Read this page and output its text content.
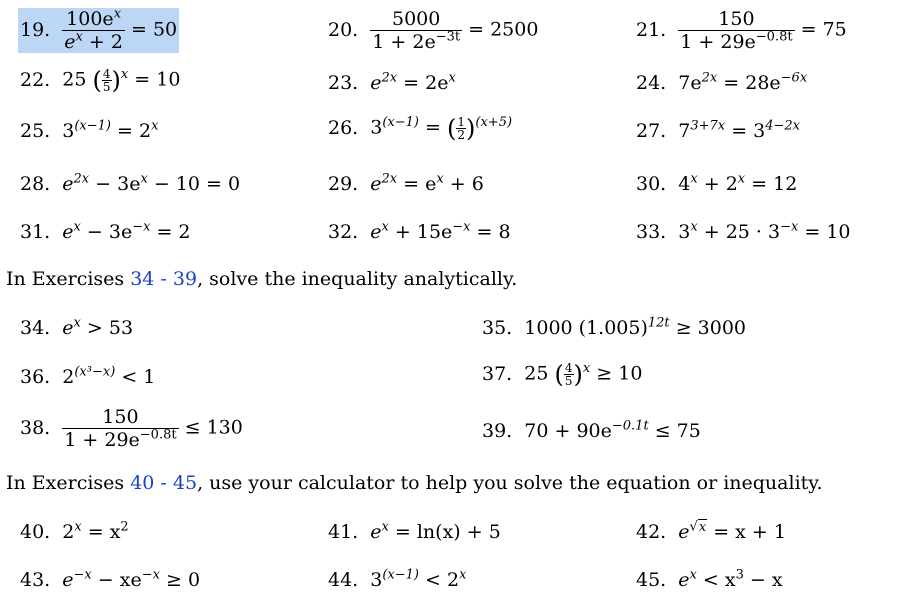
19. $\frac{100e^x}{e^x + 2} = 50$	20. $\frac{5000}{1 + 2e^{-3t}} = 2500$	21. $\frac{150}{1 + 29e^{-0.8t}} = 75$
22. 25 ( $\frac{4}{5} )^x = 10$	23. $e^{2x} = 2e^x$	24. $7e^{2x} = 28e^{-6x}$
25. $3^{(x-1)} = 2^x$	26. $3^{(x-1)}$ = ( $\frac{1}{2} )^{(x+5)}$	27. $7^{3+7x} = 3^{4-2x}$
28. $e^{2x} - 3e^x - 10 = 0$	29. $e^{2x} = e^x + 6$	30. $4^x + 2^x = 12$
31. $e^x - 3e^{-x} = 2$	32. $e^x + 15e^{-x} = 8$	33. $3^x + 25 \cdot 3^{-x} = 10$
In Exercises 34 - 39, solve the inequality analytically.
34. $e^x > 53$	35. 1000 $(1.005)^{12t} \ge 3000$
36. $2^{(x^3-x)} < 1$	37. 25 ( $\frac{4}{5} )^x \ge 10$
38. $\frac{150}{1 + 29e^{-0.8t}} \le 130$	39. $70 + 90e^{-0.1t} \le 75$
In Exercises 40 - 45, use your calculator to help you solve the equation or inequality.
40. $2^x = x^2$	41. $e^x = \ln(x) + 5$	42. $e^{√x} = x + 1$
43. $e^{-x} - xe^{-x} \ge 0$	44. $3^{(x-1)} < 2^x$	45. $e^x < x^3 - x$
